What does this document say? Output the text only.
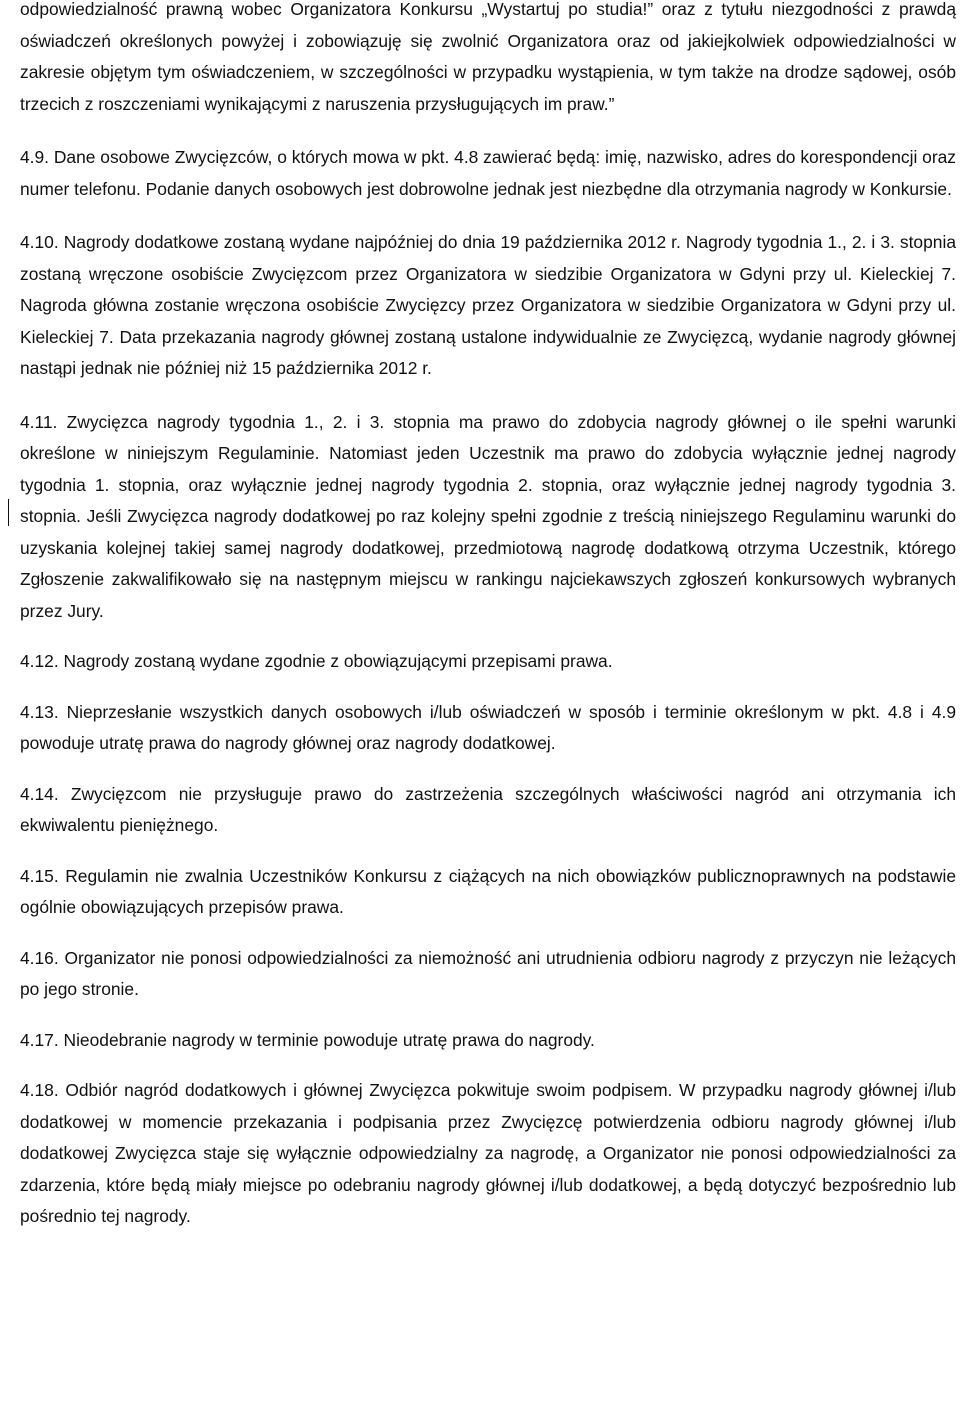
odpowiedzialność prawną wobec Organizatora Konkursu „Wystartuj po studia!” oraz z tytułu niezgodności z prawdą oświadczeń określonych powyżej i zobowiązuję się zwolnić Organizatora oraz od jakiejkolwiek odpowiedzialności w zakresie objętym tym oświadczeniem, w szczególności w przypadku wystąpienia, w tym także na drodze sądowej, osób trzecich z roszczeniami wynikającymi z naruszenia przysługujących im praw.”

4.9. Dane osobowe Zwycięzców, o których mowa w pkt. 4.8 zawierać będą: imię, nazwisko, adres do korespondencji oraz numer telefonu. Podanie danych osobowych jest dobrowolne jednak jest niezbędne dla otrzymania nagrody w Konkursie.

4.10. Nagrody dodatkowe zostaną wydane najpóźniej do dnia 19 października 2012 r. Nagrody tygodnia 1., 2. i 3. stopnia zostaną wręczone osobiście Zwycięzcom przez Organizatora w siedzibie Organizatora w Gdyni przy ul. Kieleckiej 7. Nagroda główna zostanie wręczona osobiście Zwycięzcy przez Organizatora w siedzibie Organizatora w Gdyni przy ul. Kieleckiej 7. Data przekazania nagrody głównej zostaną ustalone indywidualnie ze Zwycięzcą, wydanie nagrody głównej nastąpi jednak nie później niż 15 października 2012 r.

4.11. Zwycięzca nagrody tygodnia 1., 2. i 3. stopnia ma prawo do zdobycia nagrody głównej o ile spełni warunki określone w niniejszym Regulaminie. Natomiast jeden Uczestnik ma prawo do zdobycia wyłącznie jednej nagrody tygodnia 1. stopnia, oraz wyłącznie jednej nagrody tygodnia 2. stopnia, oraz wyłącznie jednej nagrody tygodnia 3. stopnia. Jeśli Zwycięzca nagrody dodatkowej po raz kolejny spełni zgodnie z treścią niniejszego Regulaminu warunki do uzyskania kolejnej takiej samej nagrody dodatkowej, przedmiotową nagrodę dodatkową otrzyma Uczestnik, którego Zgłoszenie zakwalifikowało się na następnym miejscu w rankingu najciekawszych zgłoszeń konkursowych wybranych przez Jury.

4.12. Nagrody zostaną wydane zgodnie z obowiązującymi przepisami prawa.

4.13. Nieprzesłanie wszystkich danych osobowych i/lub oświadczeń w sposób i terminie określonym w pkt. 4.8 i 4.9 powoduje utratę prawa do nagrody głównej oraz nagrody dodatkowej.

4.14. Zwycięzcom nie przysługuje prawo do zastrzeżenia szczególnych właściwości nagród ani otrzymania ich ekwiwalentu pieniężnego.

4.15. Regulamin nie zwalnia Uczestników Konkursu z ciążących na nich obowiązków publicznoprawnych na podstawie ogólnie obowiązujących przepisów prawa.

4.16. Organizator nie ponosi odpowiedzialności za niemożność ani utrudnienia odbioru nagrody z przyczyn nie leżących po jego stronie.

4.17. Nieodebranie nagrody w terminie powoduje utratę prawa do nagrody.

4.18. Odbiór nagród dodatkowych i głównej Zwycięzca pokwituje swoim podpisem. W przypadku nagrody głównej i/lub dodatkowej w momencie przekazania i podpisania przez Zwycięzcę potwierdzenia odbioru nagrody głównej i/lub dodatkowej Zwycięzca staje się wyłącznie odpowiedzialny za nagrodę, a Organizator nie ponosi odpowiedzialności za zdarzenia, które będą miały miejsce po odebraniu nagrody głównej i/lub dodatkowej, a będą dotyczyć bezpośrednio lub pośrednio tej nagrody.
